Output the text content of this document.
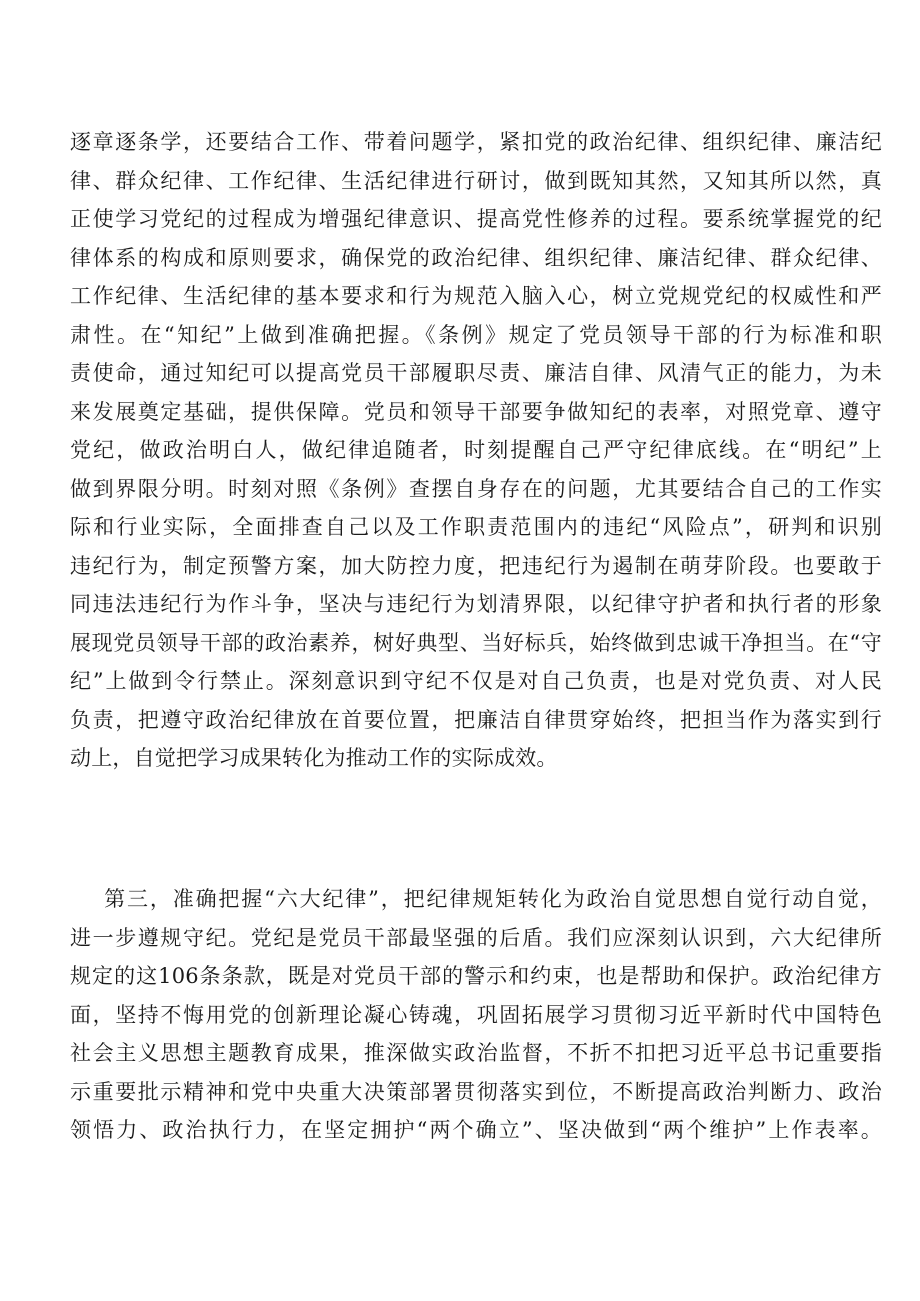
逐章逐条学，还要结合工作、带着问题学，紧扣党的政治纪律、组织纪律、廉洁纪
律、群众纪律、工作纪律、生活纪律进行研讨，做到既知其然，又知其所以然，真
正使学习党纪的过程成为增强纪律意识、提高党性修养的过程。要系统掌握党的纪
律体系的构成和原则要求，确保党的政治纪律、组织纪律、廉洁纪律、群众纪律、
工作纪律、生活纪律的基本要求和行为规范入脑入心，树立党规党纪的权威性和严
肃性。在“知纪”上做到准确把握。《条例》规定了党员领导干部的行为标准和职
责使命，通过知纪可以提高党员干部履职尽责、廉洁自律、风清气正的能力，为未
来发展奠定基础，提供保障。党员和领导干部要争做知纪的表率，对照党章、遵守
党纪，做政治明白人，做纪律追随者，时刻提醒自己严守纪律底线。在“明纪”上
做到界限分明。时刻对照《条例》查摆自身存在的问题，尤其要结合自己的工作实
际和行业实际，全面排查自己以及工作职责范围内的违纪“风险点”，研判和识别
违纪行为，制定预警方案，加大防控力度，把违纪行为遏制在萌芽阶段。也要敢于
同违法违纪行为作斗争，坚决与违纪行为划清界限，以纪律守护者和执行者的形象
展现党员领导干部的政治素养，树好典型、当好标兵，始终做到忠诚干净担当。在“守
纪”上做到令行禁止。深刻意识到守纪不仅是对自己负责，也是对党负责、对人民
负责，把遵守政治纪律放在首要位置，把廉洁自律贯穿始终，把担当作为落实到行
动上，自觉把学习成果转化为推动工作的实际成效。
第三，准确把握“六大纪律”，把纪律规矩转化为政治自觉思想自觉行动自觉，
进一步遵规守纪。党纪是党员干部最坚强的后盾。我们应深刻认识到，六大纪律所
规定的这106条条款，既是对党员干部的警示和约束，也是帮助和保护。政治纪律方
面，坚持不悔用党的创新理论凝心铸魂，巩固拓展学习贯彻习近平新时代中国特色
社会主义思想主题教育成果，推深做实政治监督，不折不扣把习近平总书记重要指
示重要批示精神和党中央重大决策部署贯彻落实到位，不断提高政治判断力、政治
领悟力、政治执行力，在坚定拥护“两个确立”、坚决做到“两个维护”上作表率。
